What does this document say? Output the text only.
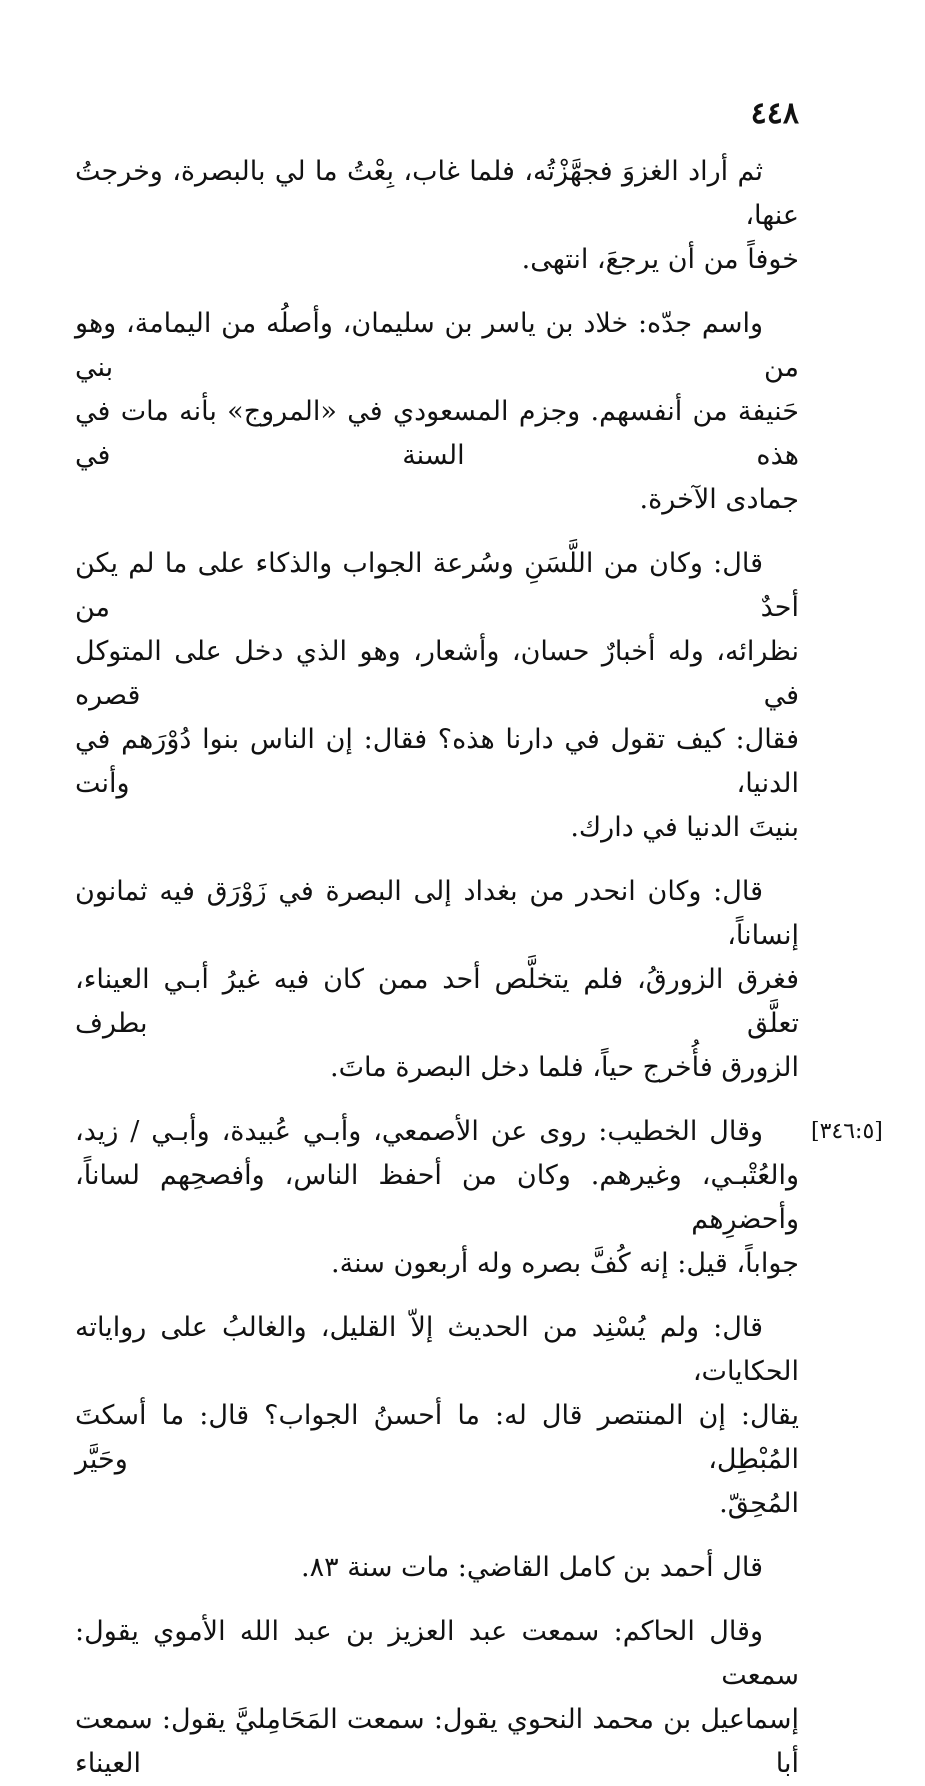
٤٤٨
ثم أراد الغزوَ فجهَّزْتُه، فلما غاب، بِعْتُ ما لي بالبصرة، وخرجتُ عنها،
خوفاً من أن يرجعَ، انتهى.
واسم جدّه: خلاد بن ياسر بن سليمان، وأصلُه من اليمامة، وهو من بني
حَنيفة من أنفسهم. وجزم المسعودي في «المروج» بأنه مات في هذه السنة في
جمادى الآخرة.
قال: وكان من اللَّسَنِ وسُرعة الجواب والذكاء على ما لم يكن أحدٌ من
نظرائه، وله أخبارٌ حسان، وأشعار، وهو الذي دخل على المتوكل في قصره
فقال: كيف تقول في دارنا هذه؟ فقال: إن الناس بنوا دُوْرَهم في الدنيا، وأنت
بنيتَ الدنيا في دارك.
قال: وكان انحدر من بغداد إلى البصرة في زَوْرَق فيه ثمانون إنساناً،
فغرق الزورقُ، فلم يتخلَّص أحد ممن كان فيه غيرُ أبـي العيناء، تعلَّق بطرف
الزورق فأُخرج حياً، فلما دخل البصرة ماتَ.
[٣٤٦:٥]
وقال الخطيب: روى عن الأصمعي، وأبـي عُبيدة، وأبـي / زيد،
والعُتْبـي، وغيرهم. وكان من أحفظ الناس، وأفصحِهم لساناً، وأحضرِهم
جواباً، قيل: إنه كُفَّ بصره وله أربعون سنة.
قال: ولم يُسْنِد من الحديث إلاّ القليل، والغالبُ على رواياته الحكايات،
يقال: إن المنتصر قال له: ما أحسنُ الجواب؟ قال: ما أسكتَ المُبْطِل، وحَيَّر
المُحِقّ.
قال أحمد بن كامل القاضي: مات سنة ٨٣.
وقال الحاكم: سمعت عبد العزيز بن عبد الله الأموي يقول: سمعت
إسماعيل بن محمد النحوي يقول: سمعت المَحَامِليَّ يقول: سمعت أبا العيناء
